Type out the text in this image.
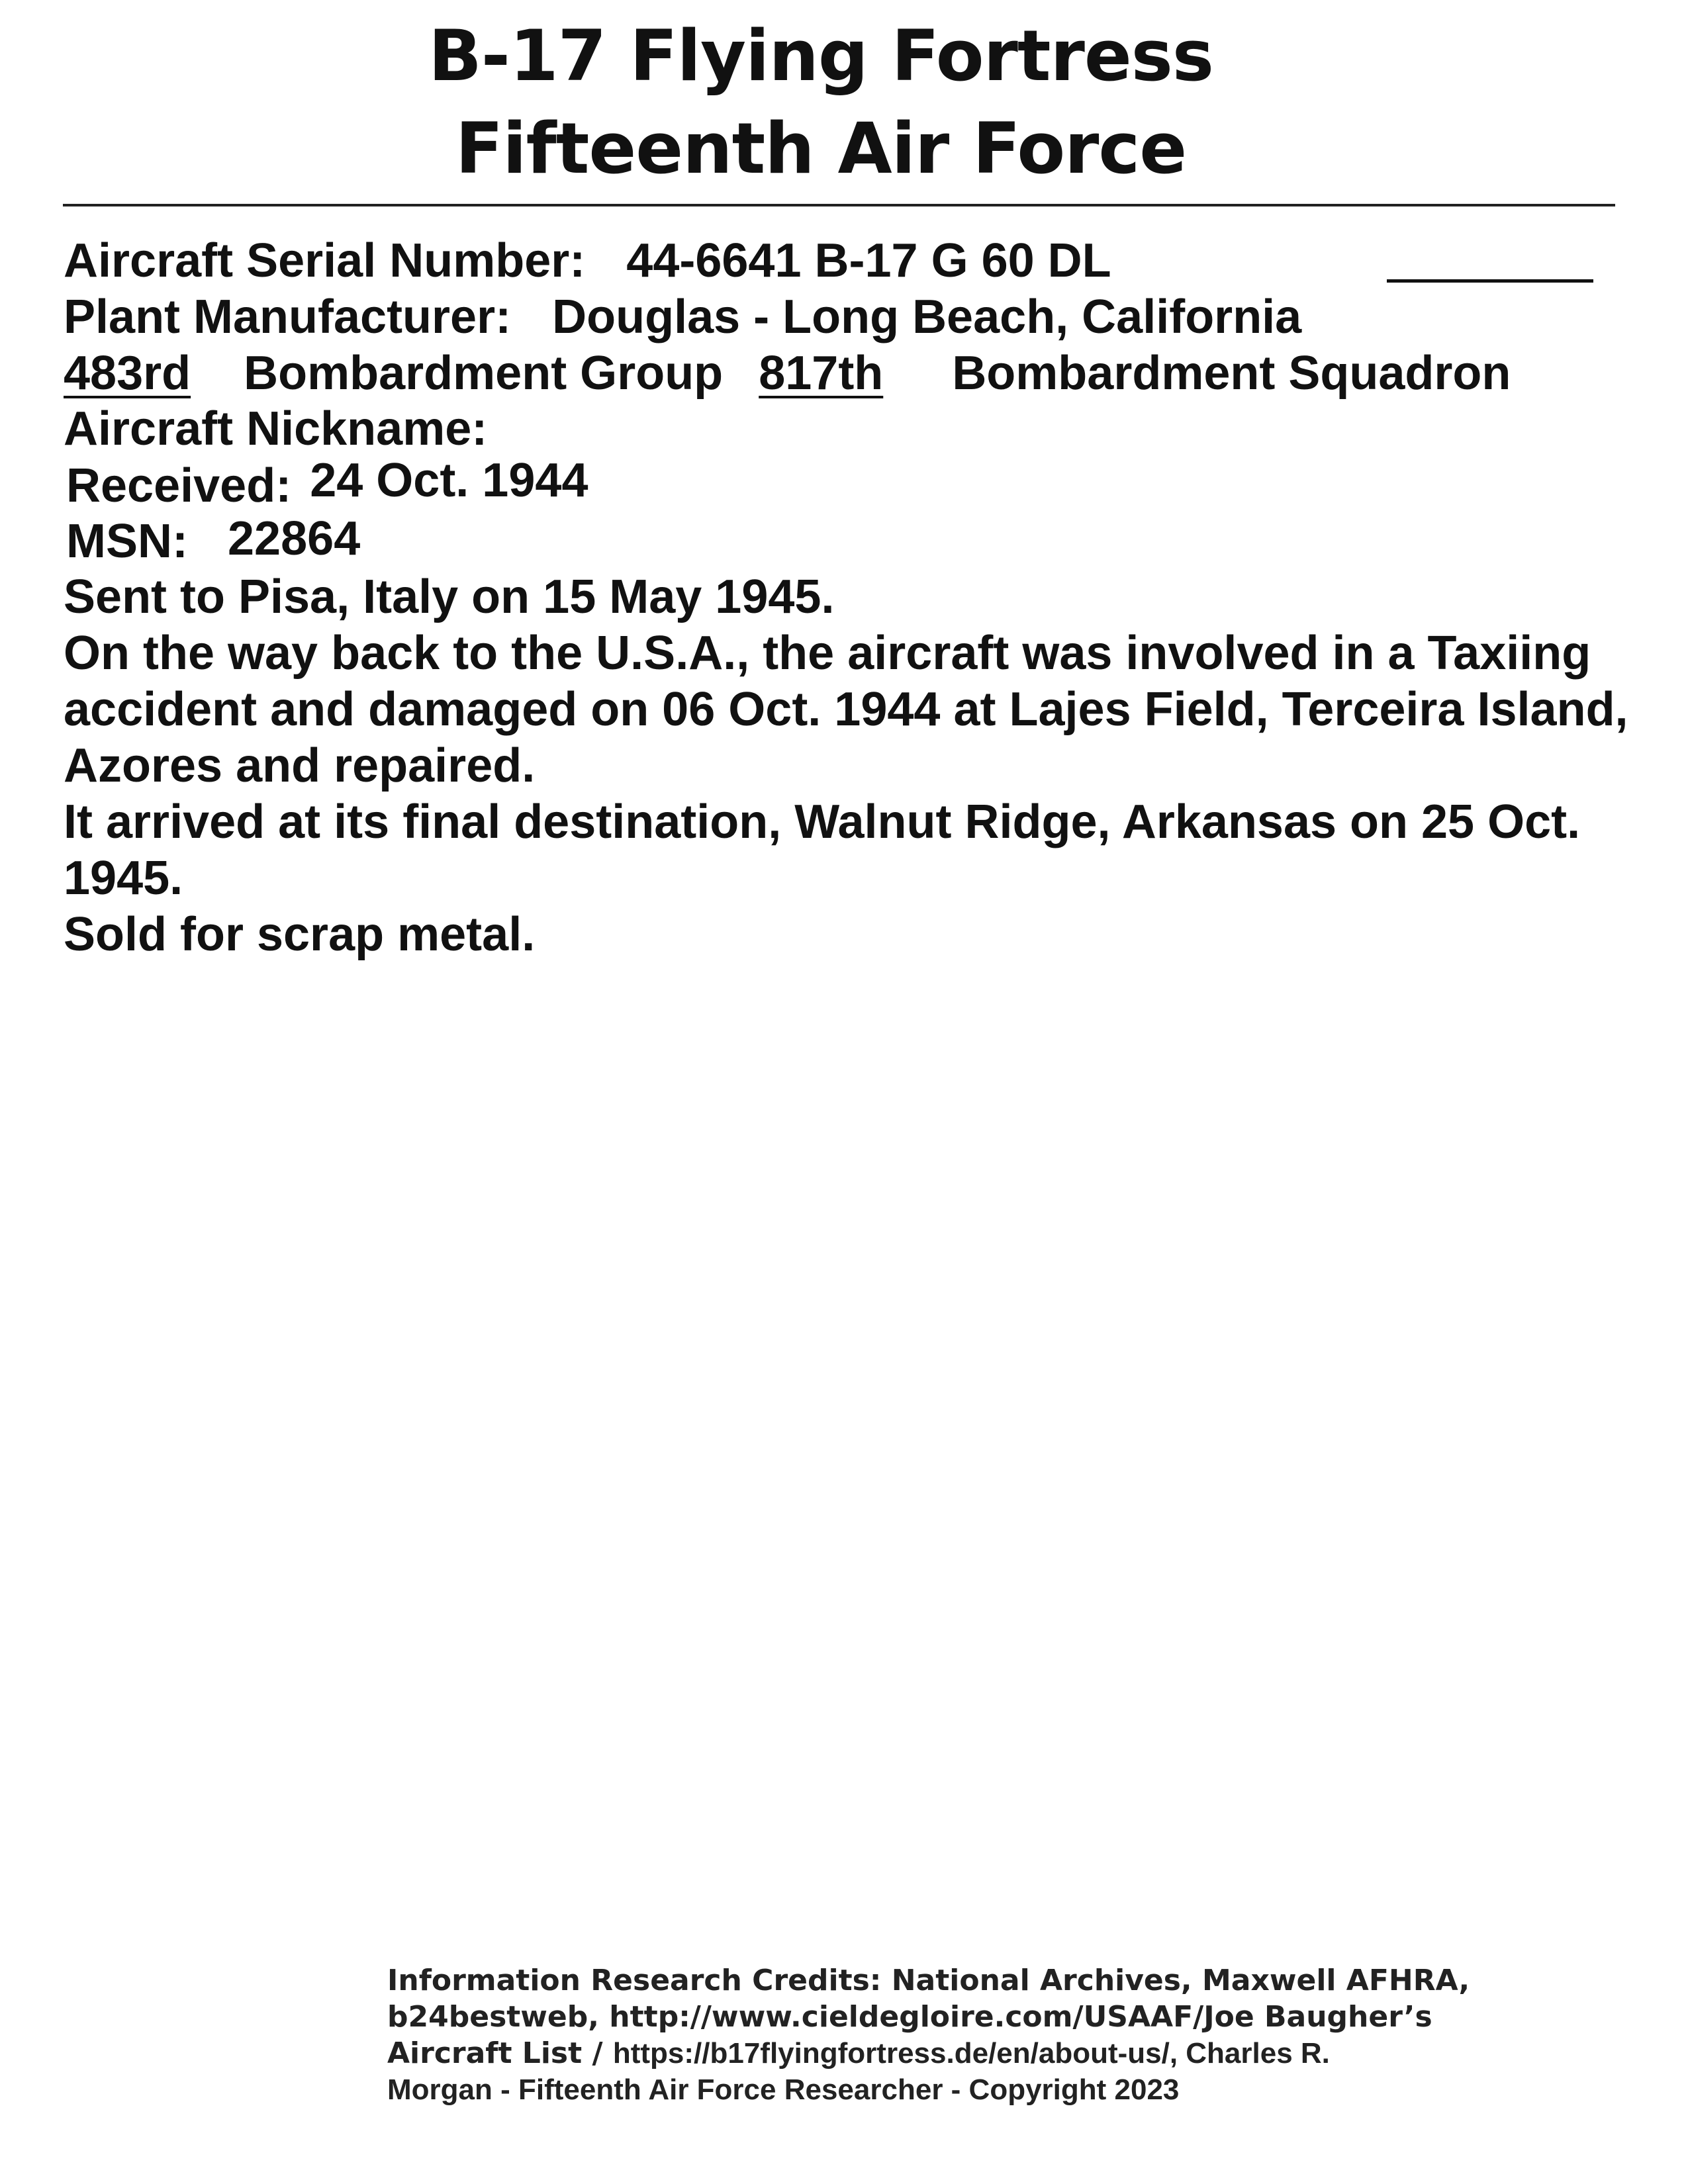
B-17 Flying Fortress
Fifteenth Air Force
Aircraft Serial Number: 44-6641 B-17 G 60 DL
Plant Manufacturer: Douglas - Long Beach, California
483rd Bombardment Group 817th Bombardment Squadron
Aircraft Nickname:
Received: 24 Oct. 1944
MSN: 22864
Sent to Pisa, Italy on 15 May 1945.
On the way back to the U.S.A., the aircraft was involved in a Taxiing
accident and damaged on 06 Oct. 1944 at Lajes Field, Terceira Island,
Azores and repaired.
It arrived at its final destination, Walnut Ridge, Arkansas on 25 Oct.
1945.
Sold for scrap metal.
Information Research Credits: National Archives, Maxwell AFHRA,
b24bestweb, http://www.cieldegloire.com/USAAF/Joe Baugher’s
Aircraft List / https://b17flyingfortress.de/en/about-us/, Charles R.
Morgan - Fifteenth Air Force Researcher - Copyright 2023
